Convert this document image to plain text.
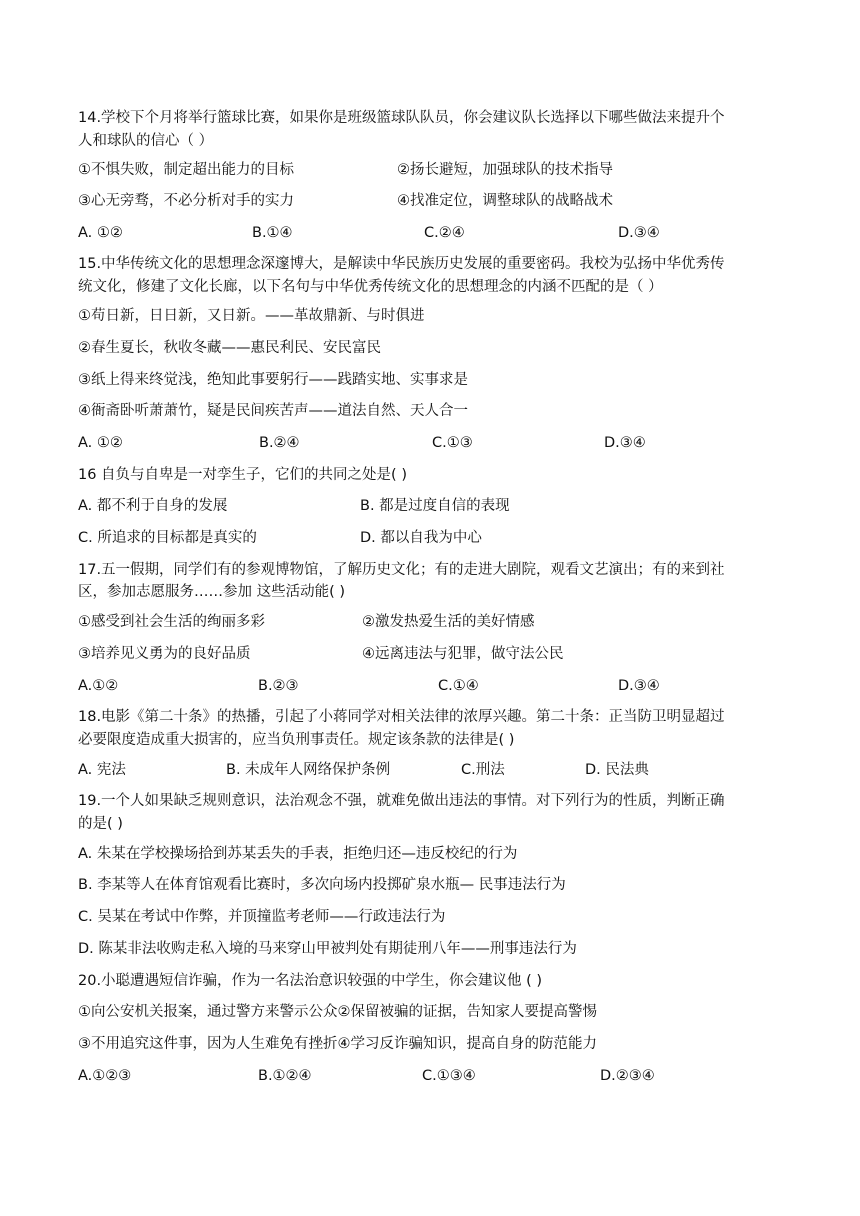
14.学校下个月将举行篮球比赛，如果你是班级篮球队队员，你会建议队长选择以下哪些做法来提升个
人和球队的信心（ ）
①不惧失败，制定超出能力的目标	②扬长避短，加强球队的技术指导
③心无旁骛，不必分析对手的实力	④找准定位，调整球队的战略战术
A. ①②	B.①④	C.②④	D.③④
15.中华传统文化的思想理念深邃博大，是解读中华民族历史发展的重要密码。我校为弘扬中华优秀传
统文化，修建了文化长廊，以下名句与中华优秀传统文化的思想理念的内涵不匹配的是（ ）
①苟日新，日日新，又日新。——革故鼎新、与时俱进
②春生夏长，秋收冬藏——惠民利民、安民富民
③纸上得来终觉浅，绝知此事要躬行——践踏实地、实事求是
④衙斋卧听萧萧竹，疑是民间疾苦声——道法自然、天人合一
A. ①②	B.②④	C.①③	D.③④
16 自负与自卑是一对孪生子，它们的共同之处是( )
A. 都不利于自身的发展	B. 都是过度自信的表现
C. 所追求的目标都是真实的	D. 都以自我为中心
17.五一假期，同学们有的参观博物馆，了解历史文化；有的走进大剧院，观看文艺演出；有的来到社
区，参加志愿服务……参加 这些活动能( )
①感受到社会生活的绚丽多彩	②激发热爱生活的美好情感
③培养见义勇为的良好品质	④远离违法与犯罪，做守法公民
A.①②	B.②③	C.①④	D.③④
18.电影《第二十条》的热播，引起了小蒋同学对相关法律的浓厚兴趣。第二十条：正当防卫明显超过
必要限度造成重大损害的，应当负刑事责任。规定该条款的法律是( )
A. 宪法	B. 未成年人网络保护条例	C.刑法	D. 民法典
19.一个人如果缺乏规则意识，法治观念不强，就难免做出违法的事情。对下列行为的性质，判断正确
的是( )
A. 朱某在学校操场拾到苏某丢失的手表，拒绝归还—违反校纪的行为
B. 李某等人在体育馆观看比赛时，多次向场内投掷矿泉水瓶— 民事违法行为
C. 吴某在考试中作弊，并顶撞监考老师——行政违法行为
D. 陈某非法收购走私入境的马来穿山甲被判处有期徒刑八年——刑事违法行为
20.小聪遭遇短信诈骗，作为一名法治意识较强的中学生，你会建议他 ( )
①向公安机关报案，通过警方来警示公众②保留被骗的证据，告知家人要提高警惕
③不用追究这件事，因为人生难免有挫折④学习反诈骗知识，提高自身的防范能力
A.①②③	B.①②④	C.①③④	D.②③④
